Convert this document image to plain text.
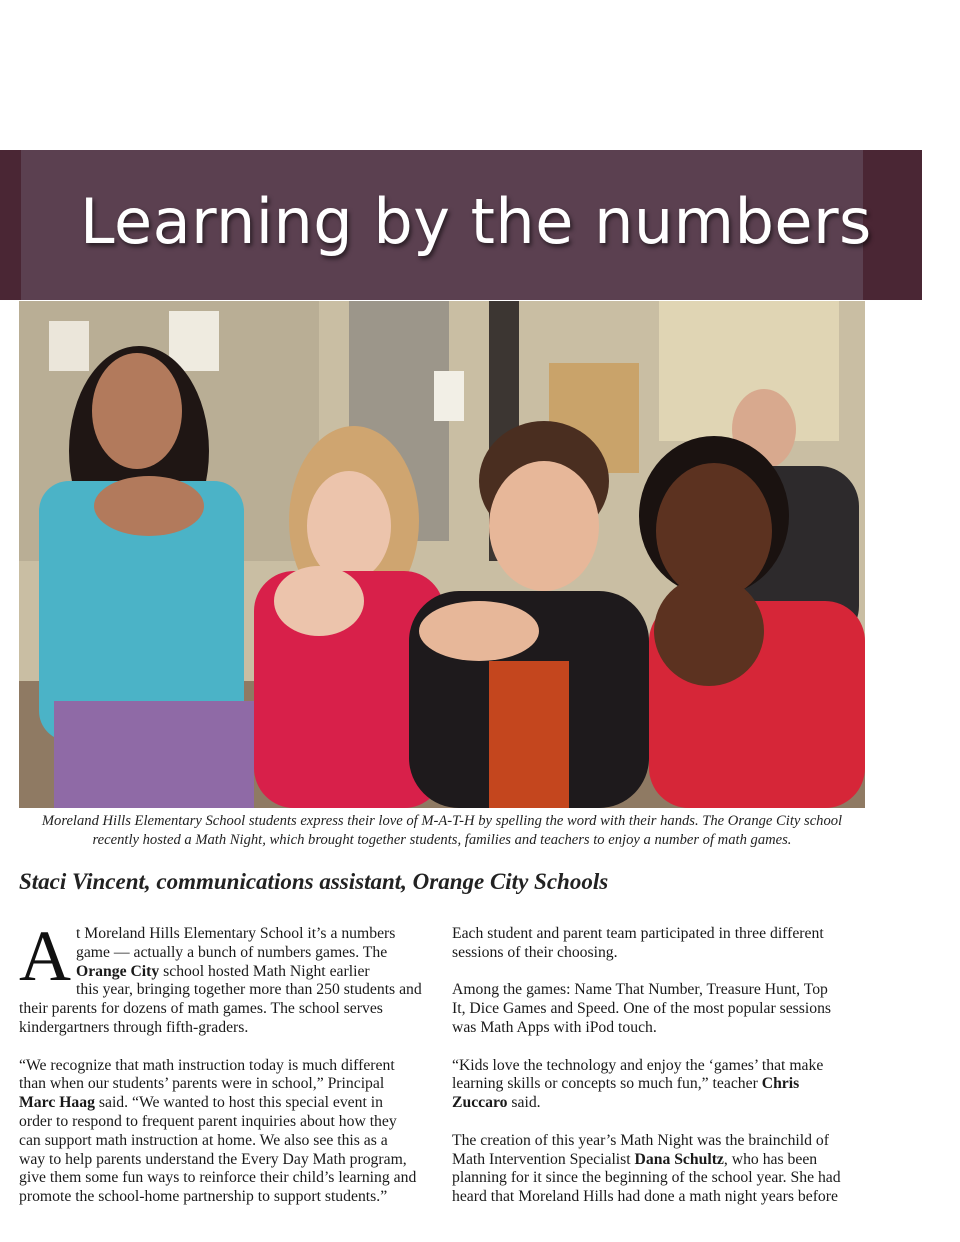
Learning by the numbers

Moreland Hills Elementary School students express their love of M-A-T-H by spelling the word with their hands. The Orange City school

recently hosted a Math Night, which brought together students, families and teachers to enjoy a number of math games.

Staci Vincent, communications assistant, Orange City Schools

A t Moreland Hills Elementary School it’s a numbers
game — actually a bunch of numbers games. The
Orange City school hosted Math Night earlier
this year, bringing together more than 250 students and
their parents for dozens of math games. The school serves
kindergartners through fifth-graders.

“We recognize that math instruction today is much different
than when our students’ parents were in school,” Principal
Marc Haag said. “We wanted to host this special event in
order to respond to frequent parent inquiries about how they
can support math instruction at home. We also see this as a
way to help parents understand the Every Day Math program,
give them some fun ways to reinforce their child’s learning and
promote the school-home partnership to support students.”

Each student and parent team participated in three different
sessions of their choosing.

Among the games: Name That Number, Treasure Hunt, Top
It, Dice Games and Speed. One of the most popular sessions
was Math Apps with iPod touch.

“Kids love the technology and enjoy the ‘games’ that make
learning skills or concepts so much fun,” teacher Chris
Zuccaro said.

The creation of this year’s Math Night was the brainchild of
Math Intervention Specialist Dana Schultz, who has been
planning for it since the beginning of the school year. She had
heard that Moreland Hills had done a math night years before
